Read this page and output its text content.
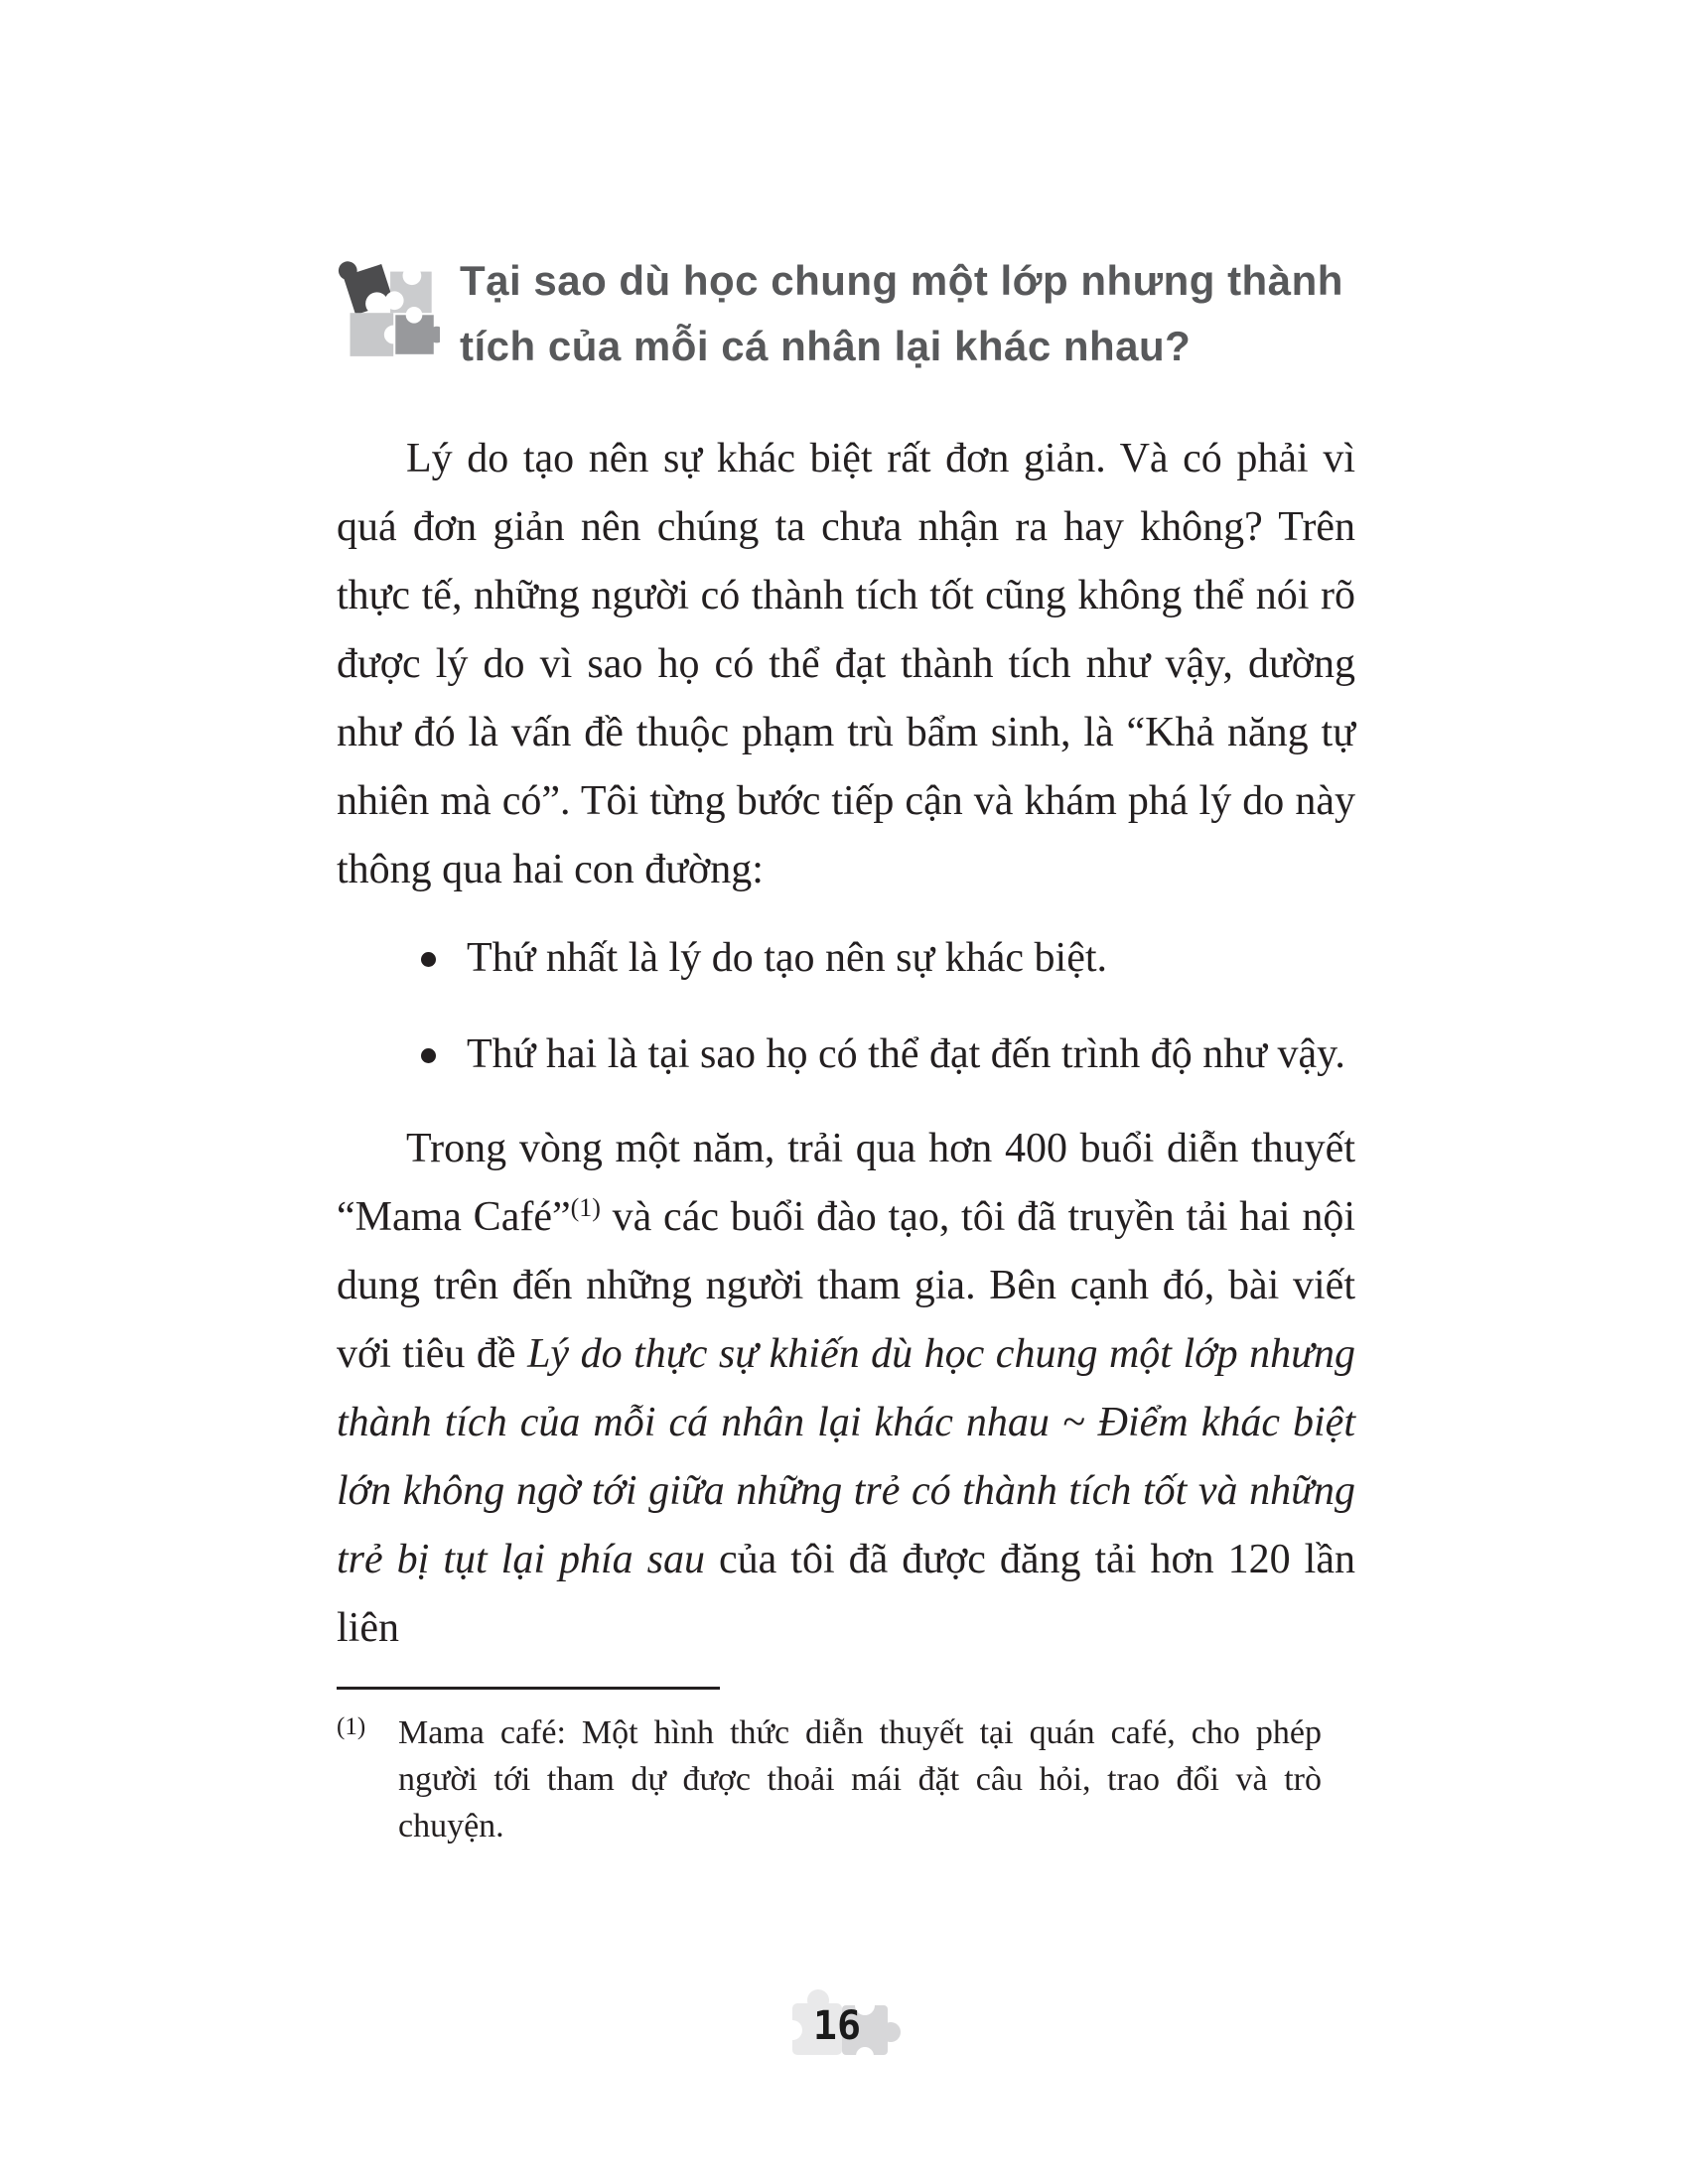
Tại sao dù học chung một lớp nhưng thành
tích của mỗi cá nhân lại khác nhau?

Lý do tạo nên sự khác biệt rất đơn giản. Và có phải vì quá đơn giản nên chúng ta chưa nhận ra hay không? Trên thực tế, những người có thành tích tốt cũng không thể nói rõ được lý do vì sao họ có thể đạt thành tích như vậy, dường như đó là vấn đề thuộc phạm trù bẩm sinh, là “Khả năng tự nhiên mà có”. Tôi từng bước tiếp cận và khám phá lý do này thông qua hai con đường:

Thứ nhất là lý do tạo nên sự khác biệt.
Thứ hai là tại sao họ có thể đạt đến trình độ như vậy.

Trong vòng một năm, trải qua hơn 400 buổi diễn thuyết “Mama Café”$^{(1)}$ và các buổi đào tạo, tôi đã truyền tải hai nội dung trên đến những người tham gia. Bên cạnh đó, bài viết với tiêu đề Lý do thực sự khiến dù học chung một lớp nhưng thành tích của mỗi cá nhân lại khác nhau ~ Điểm khác biệt lớn không ngờ tới giữa những trẻ có thành tích tốt và những trẻ bị tụt lại phía sau của tôi đã được đăng tải hơn 120 lần liên

(1) Mama café: Một hình thức diễn thuyết tại quán café, cho phép người tới tham dự được thoải mái đặt câu hỏi, trao đổi và trò chuyện.
16
